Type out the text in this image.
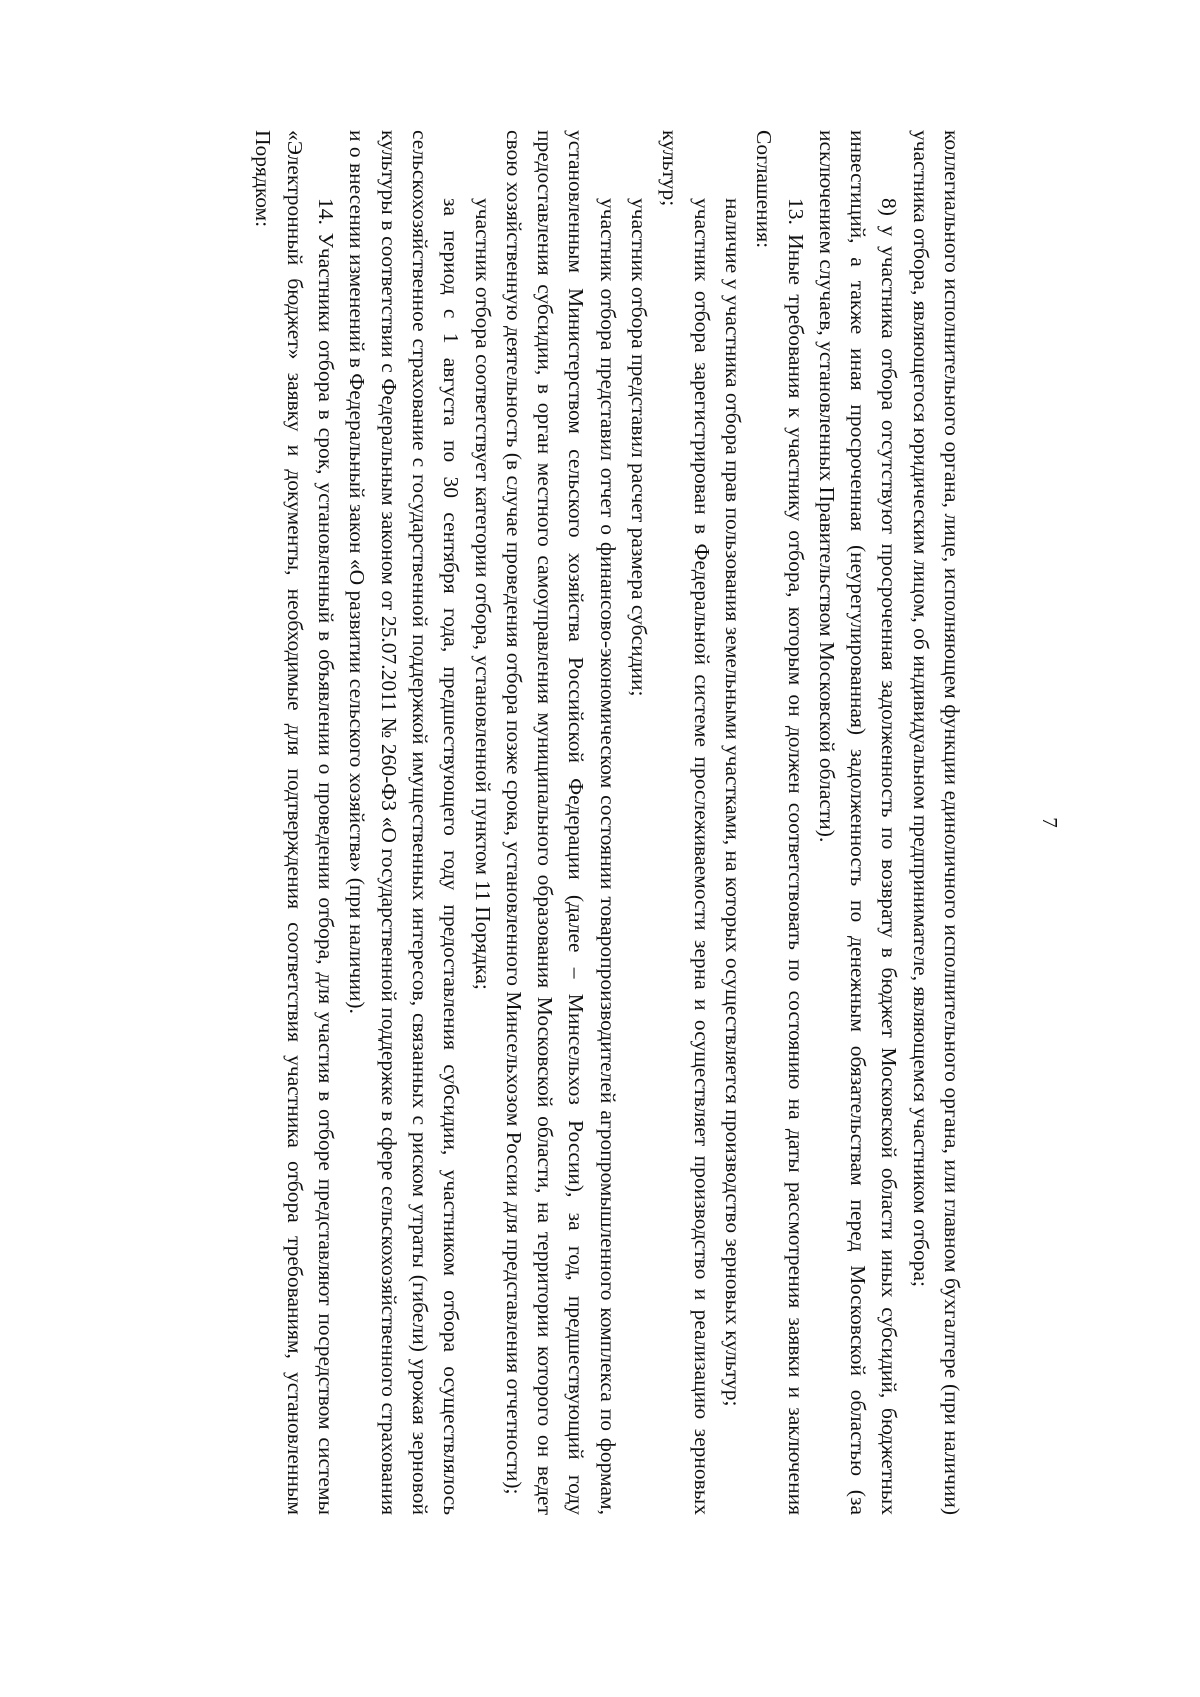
7

коллегиального исполнительного органа, лице, исполняющем функции единоличного исполнительного органа, или главном бухгалтере (при наличии) участника отбора, являющегося юридическим лицом, об индивидуальном предпринимателе, являющемся участником отбора;

8) у участника отбора отсутствуют просроченная задолженность по возврату в бюджет Московской области иных субсидий, бюджетных инвестиций, а также иная просроченная (неурегулированная) задолженность по денежным обязательствам перед Московской областью (за исключением случаев, установленных Правительством Московской области).

13. Иные требования к участнику отбора, которым он должен соответствовать по состоянию на даты рассмотрения заявки и заключения Соглашения:

наличие у участника отбора прав пользования земельными участками, на которых осуществляется производство зерновых культур;

участник отбора зарегистрирован в Федеральной системе прослеживаемости зерна и осуществляет производство и реализацию зерновых культур;

участник отбора представил расчет размера субсидии;

участник отбора представил отчет о финансово-экономическом состоянии товаропроизводителей агропромышленного комплекса по формам, установленным Министерством сельского хозяйства Российской Федерации (далее – Минсельхоз России), за год, предшествующий году предоставления субсидии, в орган местного самоуправления муниципального образования Московской области, на территории которого он ведет свою хозяйственную деятельность (в случае проведения отбора позже срока, установленного Минсельхозом России для представления отчетности);

участник отбора соответствует категории отбора, установленной пунктом 11 Порядка;

за период с 1 августа по 30 сентября года, предшествующего году предоставления субсидии, участником отбора осуществлялось сельскохозяйственное страхование с государственной поддержкой имущественных интересов, связанных с риском утраты (гибели) урожая зерновой культуры в соответствии с Федеральным законом от 25.07.2011 № 260-ФЗ «О государственной поддержке в сфере сельскохозяйственного страхования и о внесении изменений в Федеральный закон «О развитии сельского хозяйства» (при наличии).

14. Участники отбора в срок, установленный в объявлении о проведении отбора, для участия в отборе представляют посредством системы «Электронный бюджет» заявку и документы, необходимые для подтверждения соответствия участника отбора требованиям, установленным Порядком:
